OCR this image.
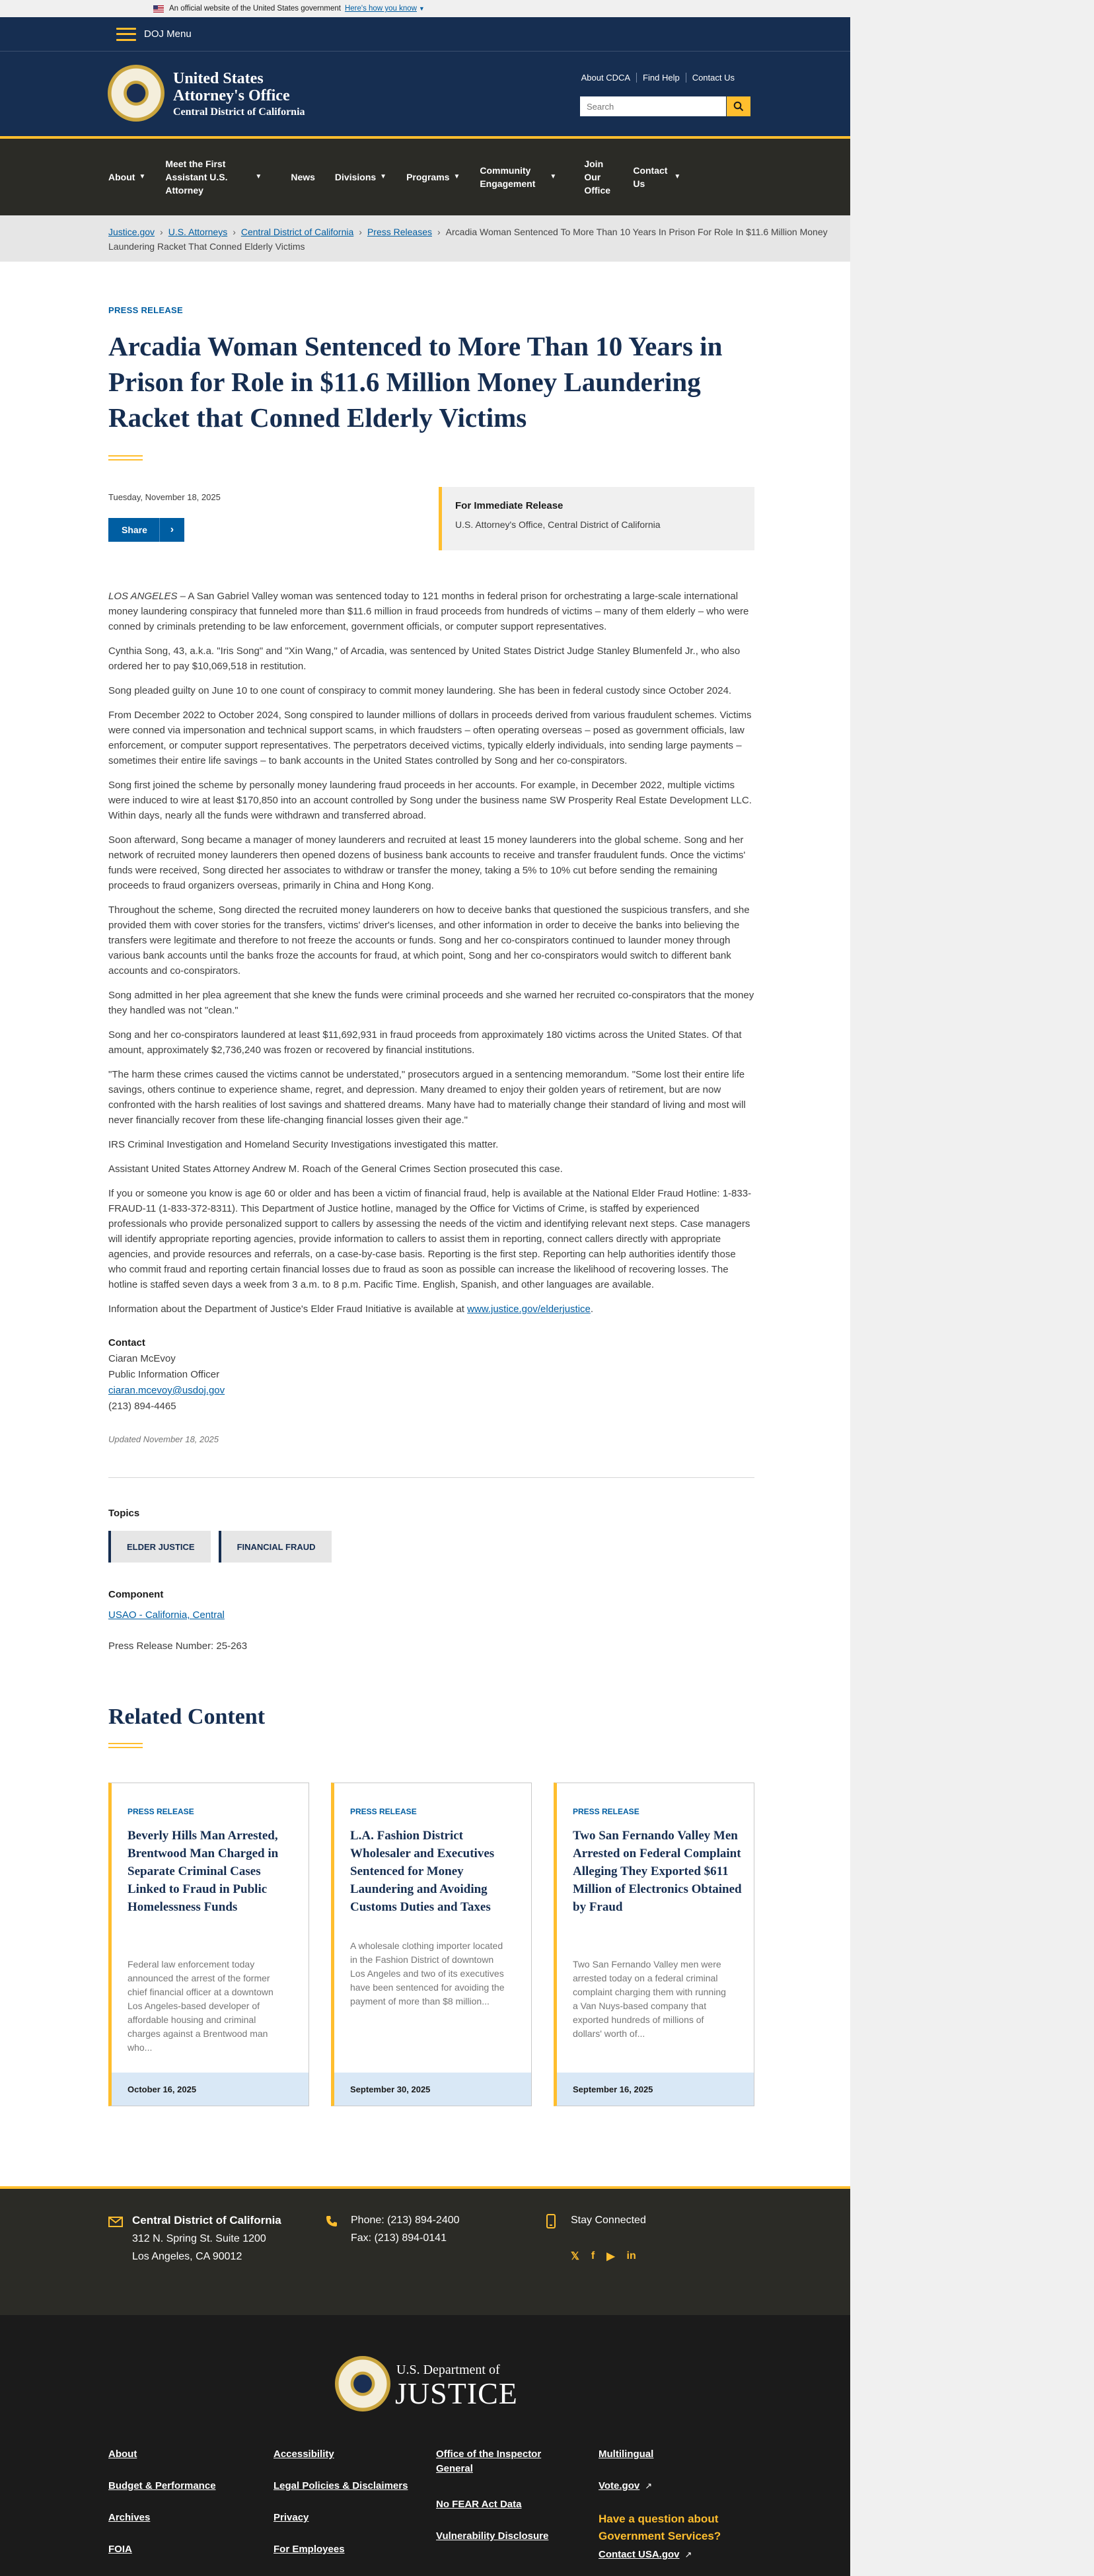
An official website of the United States government Here's how you know ▼
DOJ Menu
United States
Attorney's Office
Central District of California
About CDCA	Find Help	Contact Us
Search
About ▼
Meet the First Assistant U.S. Attorney
▼	News Divisions ▼ Programs ▼
Community Engagement
▼
Join Our Office
Contact Us
▼
Justice.gov › U.S. Attorneys › Central District of California › Press Releases › Arcadia Woman Sentenced To More Than 10 Years In Prison For Role In $11.6 Million Money Laundering Racket That Conned Elderly Victims
PRESS RELEASE
Arcadia Woman Sentenced to More Than 10 Years in Prison for Role in $11.6 Million Money Laundering Racket that Conned Elderly Victims
Tuesday, November 18, 2025
Share	›
For Immediate Release
U.S. Attorney's Office, Central District of California

LOS ANGELES – A San Gabriel Valley woman was sentenced today to 121 months in federal prison for orchestrating a large-scale international money laundering conspiracy that funneled more than $11.6 million in fraud proceeds from hundreds of victims – many of them elderly – who were conned by criminals pretending to be law enforcement, government officials, or computer support representatives.

Cynthia Song, 43, a.k.a. "Iris Song" and "Xin Wang," of Arcadia, was sentenced by United States District Judge Stanley Blumenfeld Jr., who also ordered her to pay $10,069,518 in restitution.

Song pleaded guilty on June 10 to one count of conspiracy to commit money laundering. She has been in federal custody since October 2024.

From December 2022 to October 2024, Song conspired to launder millions of dollars in proceeds derived from various fraudulent schemes. Victims were conned via impersonation and technical support scams, in which fraudsters – often operating overseas – posed as government officials, law enforcement, or computer support representatives. The perpetrators deceived victims, typically elderly individuals, into sending large payments – sometimes their entire life savings – to bank accounts in the United States controlled by Song and her co-conspirators.

Song first joined the scheme by personally money laundering fraud proceeds in her accounts. For example, in December 2022, multiple victims were induced to wire at least $170,850 into an account controlled by Song under the business name SW Prosperity Real Estate Development LLC. Within days, nearly all the funds were withdrawn and transferred abroad.

Soon afterward, Song became a manager of money launderers and recruited at least 15 money launderers into the global scheme. Song and her network of recruited money launderers then opened dozens of business bank accounts to receive and transfer fraudulent funds. Once the victims' funds were received, Song directed her associates to withdraw or transfer the money, taking a 5% to 10% cut before sending the remaining proceeds to fraud organizers overseas, primarily in China and Hong Kong.

Throughout the scheme, Song directed the recruited money launderers on how to deceive banks that questioned the suspicious transfers, and she provided them with cover stories for the transfers, victims' driver's licenses, and other information in order to deceive the banks into believing the transfers were legitimate and therefore to not freeze the accounts or funds. Song and her co-conspirators continued to launder money through various bank accounts until the banks froze the accounts for fraud, at which point, Song and her co-conspirators would switch to different bank accounts and co-conspirators.

Song admitted in her plea agreement that she knew the funds were criminal proceeds and she warned her recruited co-conspirators that the money they handled was not "clean."

Song and her co-conspirators laundered at least $11,692,931 in fraud proceeds from approximately 180 victims across the United States. Of that amount, approximately $2,736,240 was frozen or recovered by financial institutions.

"The harm these crimes caused the victims cannot be understated," prosecutors argued in a sentencing memorandum. "Some lost their entire life savings, others continue to experience shame, regret, and depression. Many dreamed to enjoy their golden years of retirement, but are now confronted with the harsh realities of lost savings and shattered dreams. Many have had to materially change their standard of living and most will never financially recover from these life-changing financial losses given their age."

IRS Criminal Investigation and Homeland Security Investigations investigated this matter.

Assistant United States Attorney Andrew M. Roach of the General Crimes Section prosecuted this case.

If you or someone you know is age 60 or older and has been a victim of financial fraud, help is available at the National Elder Fraud Hotline: 1-833-FRAUD-11 (1-833-372-8311). This Department of Justice hotline, managed by the Office for Victims of Crime, is staffed by experienced professionals who provide personalized support to callers by assessing the needs of the victim and identifying relevant next steps. Case managers will identify appropriate reporting agencies, provide information to callers to assist them in reporting, connect callers directly with appropriate agencies, and provide resources and referrals, on a case-by-case basis. Reporting is the first step. Reporting can help authorities identify those who commit fraud and reporting certain financial losses due to fraud as soon as possible can increase the likelihood of recovering losses. The hotline is staffed seven days a week from 3 a.m. to 8 p.m. Pacific Time. English, Spanish, and other languages are available.

Information about the Department of Justice's Elder Fraud Initiative is available at www.justice.gov/elderjustice.

Contact
Ciaran McEvoy
Public Information Officer
ciaran.mcevoy@usdoj.gov
(213) 894-4465
Updated November 18, 2025
Topics
ELDER JUSTICE	FINANCIAL FRAUD
Component
USAO - California, Central
Press Release Number: 25-263
Related Content
PRESS RELEASE
Beverly Hills Man Arrested, Brentwood Man Charged in Separate Criminal Cases Linked to Fraud in Public Homelessness Funds
Federal law enforcement today announced the arrest of the former chief financial officer at a downtown Los Angeles-based developer of affordable housing and criminal charges against a Brentwood man who...
October 16, 2025
PRESS RELEASE
L.A. Fashion District Wholesaler and Executives Sentenced for Money Laundering and Avoiding Customs Duties and Taxes
A wholesale clothing importer located in the Fashion District of downtown Los Angeles and two of its executives have been sentenced for avoiding the payment of more than $8 million...
September 30, 2025
PRESS RELEASE
Two San Fernando Valley Men Arrested on Federal Complaint Alleging They Exported $611 Million of Electronics Obtained by Fraud
Two San Fernando Valley men were arrested today on a federal criminal complaint charging them with running a Van Nuys-based company that exported hundreds of millions of dollars' worth of...
September 16, 2025
Central District of California
312 N. Spring St. Suite 1200
Los Angeles, CA 90012
Phone: (213) 894-2400
Fax: (213) 894-0141
Stay Connected
𝕏 f ▶ in
U.S. Department of
JUSTICE
About
Budget & Performance
Archives
FOIA
Accessibility
Legal Policies & Disclaimers
Privacy
For Employees
Office of the Inspector General
No FEAR Act Data
Vulnerability Disclosure
Multilingual
Vote.gov ↗
Have a question about Government Services?
Contact USA.gov ↗
